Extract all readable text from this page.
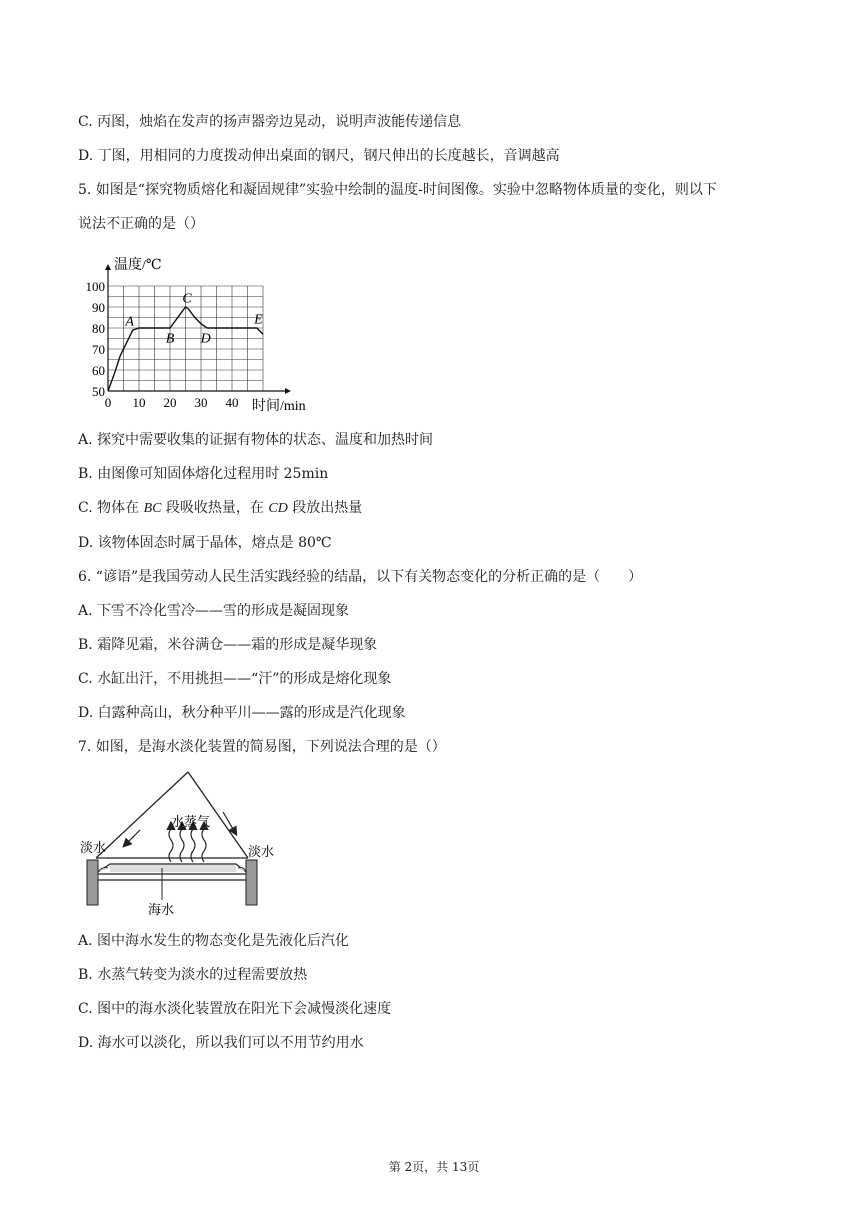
C. 丙图，烛焰在发声的扬声器旁边晃动，说明声波能传递信息
D. 丁图，用相同的力度拨动伸出桌面的钢尺，钢尺伸出的长度越长，音调越高
5. 如图是“探究物质熔化和凝固规律”实验中绘制的温度-时间图像。实验中忽略物体质量的变化，则以下
说法不正确的是（）
0 10 20 30 40
50
60
70
80
90
100
A
B
C
D
E
温度/℃
时间/min
A. 探究中需要收集的证据有物体的状态、温度和加热时间
B. 由图像可知固体熔化过程用时 25min
C. 物体在 BC 段吸收热量，在 CD 段放出热量
D. 该物体固态时属于晶体，熔点是 80℃
6. “谚语”是我国劳动人民生活实践经验的结晶，以下有关物态变化的分析正确的是（　　）
A. 下雪不冷化雪冷——雪的形成是凝固现象
B. 霜降见霜，米谷满仓——霜的形成是凝华现象
C. 水缸出汗，不用挑担——“汗”的形成是熔化现象
D. 白露种高山，秋分种平川——露的形成是汽化现象
7. 如图，是海水淡化装置的简易图，下列说法合理的是（）
淡水	淡水
水蒸气
海水
A. 图中海水发生的物态变化是先液化后汽化
B. 水蒸气转变为淡水的过程需要放热
C. 图中的海水淡化装置放在阳光下会减慢淡化速度
D. 海水可以淡化，所以我们可以不用节约用水
第 2页，共 13页
